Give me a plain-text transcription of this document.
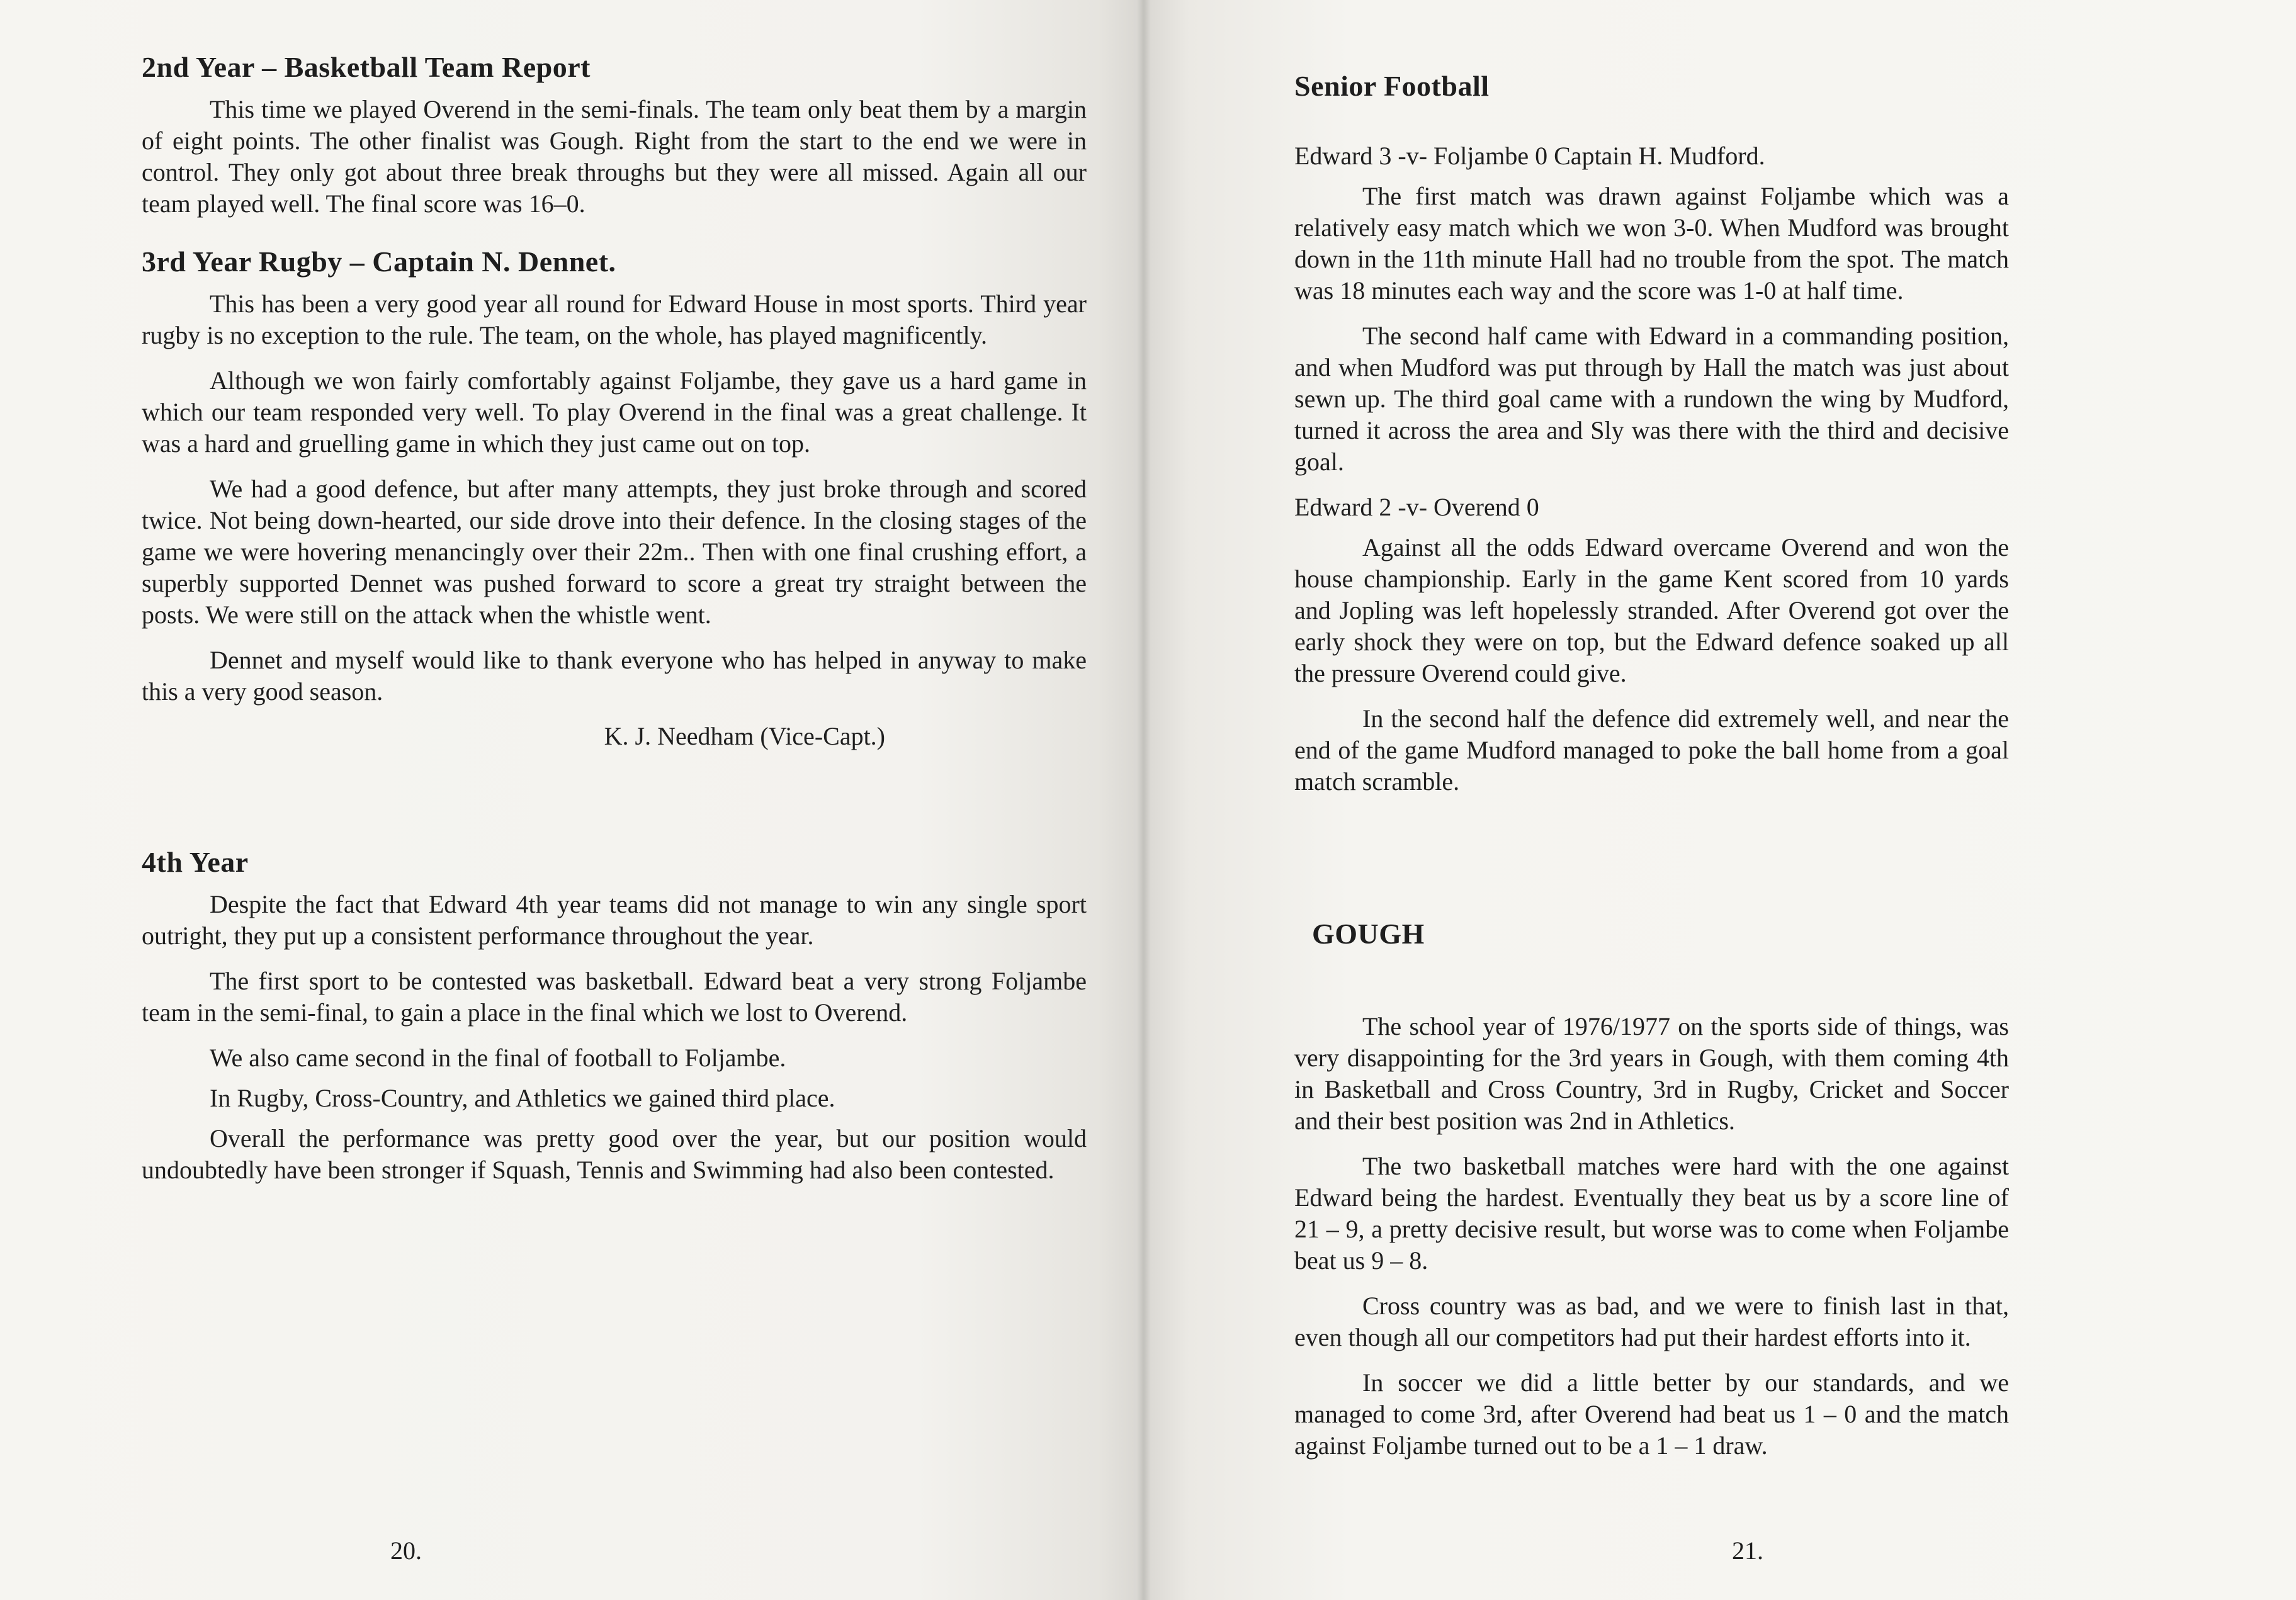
2nd Year – Basketball Team Report

This time we played Overend in the semi-finals. The team only beat them by a margin of eight points. The other finalist was Gough. Right from the start to the end we were in control. They only got about three break throughs but they were all missed. Again all our team played well. The final score was 16–0.

3rd Year Rugby – Captain N. Dennet.

This has been a very good year all round for Edward House in most sports. Third year rugby is no exception to the rule. The team, on the whole, has played magnificently.

Although we won fairly comfortably against Foljambe, they gave us a hard game in which our team responded very well. To play Overend in the final was a great challenge. It was a hard and gruelling game in which they just came out on top.

We had a good defence, but after many attempts, they just broke through and scored twice. Not being down-hearted, our side drove into their defence. In the closing stages of the game we were hovering menancingly over their 22m.. Then with one final crushing effort, a superbly supported Dennet was pushed forward to score a great try straight between the posts. We were still on the attack when the whistle went.

Dennet and myself would like to thank everyone who has helped in anyway to make this a very good season.

K. J. Needham (Vice-Capt.)
4th Year

Despite the fact that Edward 4th year teams did not manage to win any single sport outright, they put up a consistent performance throughout the year.

The first sport to be contested was basketball. Edward beat a very strong Foljambe team in the semi-final, to gain a place in the final which we lost to Overend.

We also came second in the final of football to Foljambe.

In Rugby, Cross-Country, and Athletics we gained third place.

Overall the performance was pretty good over the year, but our position would undoubtedly have been stronger if Squash, Tennis and Swimming had also been contested.

20.
Senior Football
Edward 3 -v- Foljambe 0 Captain H. Mudford.

The first match was drawn against Foljambe which was a relatively easy match which we won 3-0. When Mudford was brought down in the 11th minute Hall had no trouble from the spot. The match was 18 minutes each way and the score was 1-0 at half time.

The second half came with Edward in a commanding position, and when Mudford was put through by Hall the match was just about sewn up. The third goal came with a rundown the wing by Mudford, turned it across the area and Sly was there with the third and decisive goal.

Edward 2 -v- Overend 0

Against all the odds Edward overcame Overend and won the house championship. Early in the game Kent scored from 10 yards and Jopling was left hopelessly stranded. After Overend got over the early shock they were on top, but the Edward defence soaked up all the pressure Overend could give.

In the second half the defence did extremely well, and near the end of the game Mudford managed to poke the ball home from a goal match scramble.

GOUGH

The school year of 1976/1977 on the sports side of things, was very disappointing for the 3rd years in Gough, with them coming 4th in Basketball and Cross Country, 3rd in Rugby, Cricket and Soccer and their best position was 2nd in Athletics.

The two basketball matches were hard with the one against Edward being the hardest. Eventually they beat us by a score line of 21 – 9, a pretty decisive result, but worse was to come when Foljambe beat us 9 – 8.

Cross country was as bad, and we were to finish last in that, even though all our competitors had put their hardest efforts into it.

In soccer we did a little better by our standards, and we managed to come 3rd, after Overend had beat us 1 – 0 and the match against Foljambe turned out to be a 1 – 1 draw.

21.
